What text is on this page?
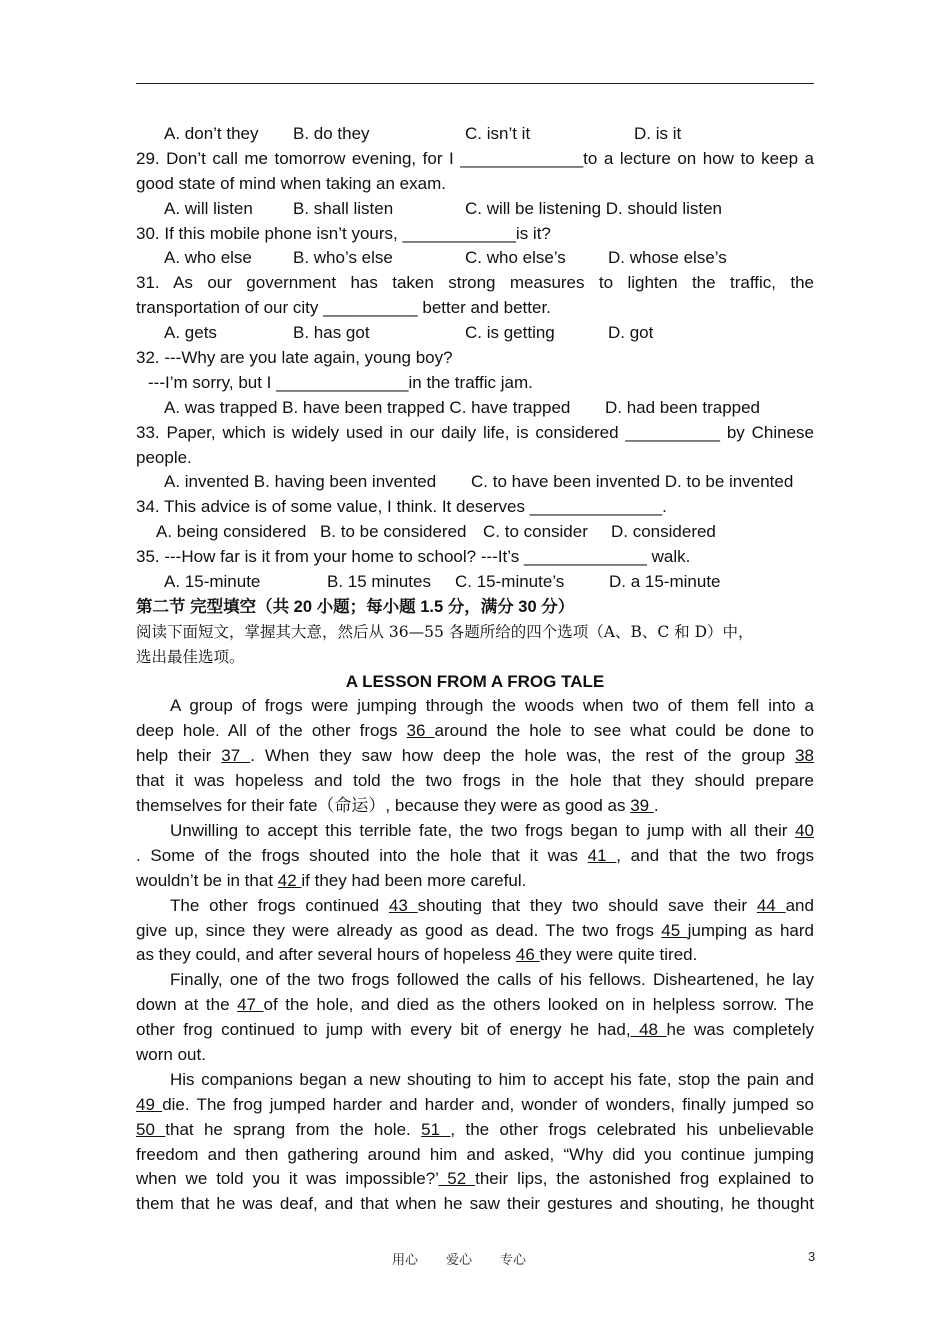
A. don’t they B. do they	C. isn’t it	D. is it
29. Don’t call me tomorrow evening, for I _____________to a lecture on how to keep a
good state of mind when taking an exam.
A. will listen B. shall listen	C. will be listening D. should listen
30. If this mobile phone isn’t yours, ____________is it?
A. who else B. who’s else	C. who else’s D. whose else’s
31. As our government has taken strong measures to lighten the traffic, the
transportation of our city __________ better and better.
A. gets	B. has got	C. is getting	D. got
32. ---Why are you late again, young boy?
---I’m sorry, but I ______________in the traffic jam.
A. was trapped B. have been trapped C. have trapped D. had been trapped
33. Paper, which is widely used in our daily life, is considered __________ by Chinese
people.
A. invented B. having been invented C. to have been invented D. to be invented
34. This advice is of some value, I think. It deserves ______________.
A. being considered B. to be considered C. to consider D. considered
35. ---How far is it from your home to school? ---It’s _____________ walk.
A. 15-minute	B. 15 minutes C. 15-minute’s	D. a 15-minute
第二节 完型填空（共 20 小题；每小题 1.5 分，满分 30 分）
阅读下面短文，掌握其大意，然后从 36—55 各题所给的四个选项（A、B、C 和 D）中，
选出最佳选项。
A LESSON FROM A FROG TALE
A group of frogs were jumping through the woods when two of them fell into a
deep hole. All of the other frogs 36 around the hole to see what could be done to
help their 37 . When they saw how deep the hole was, the rest of the group 38
that it was hopeless and told the two frogs in the hole that they should prepare
themselves for their fate（命运）, because they were as good as 39 .
Unwilling to accept this terrible fate, the two frogs began to jump with all their 40
. Some of the frogs shouted into the hole that it was 41 , and that the two frogs
wouldn’t be in that 42 if they had been more careful.
The other frogs continued 43 shouting that they two should save their 44 and
give up, since they were already as good as dead. The two frogs 45 jumping as hard
as they could, and after several hours of hopeless 46 they were quite tired.
Finally, one of the two frogs followed the calls of his fellows. Disheartened, he lay
down at the 47 of the hole, and died as the others looked on in helpless sorrow. The
other frog continued to jump with every bit of energy he had, 48 he was completely
worn out.
His companions began a new shouting to him to accept his fate, stop the pain and
49 die. The frog jumped harder and harder and, wonder of wonders, finally jumped so
50 that he sprang from the hole. 51 , the other frogs celebrated his unbelievable
freedom and then gathering around him and asked, “Why did you continue jumping
when we told you it was impossible?’ 52 their lips, the astonished frog explained to
them that he was deaf, and that when he saw their gestures and shouting, he thought
用心 爱心 专心	3
